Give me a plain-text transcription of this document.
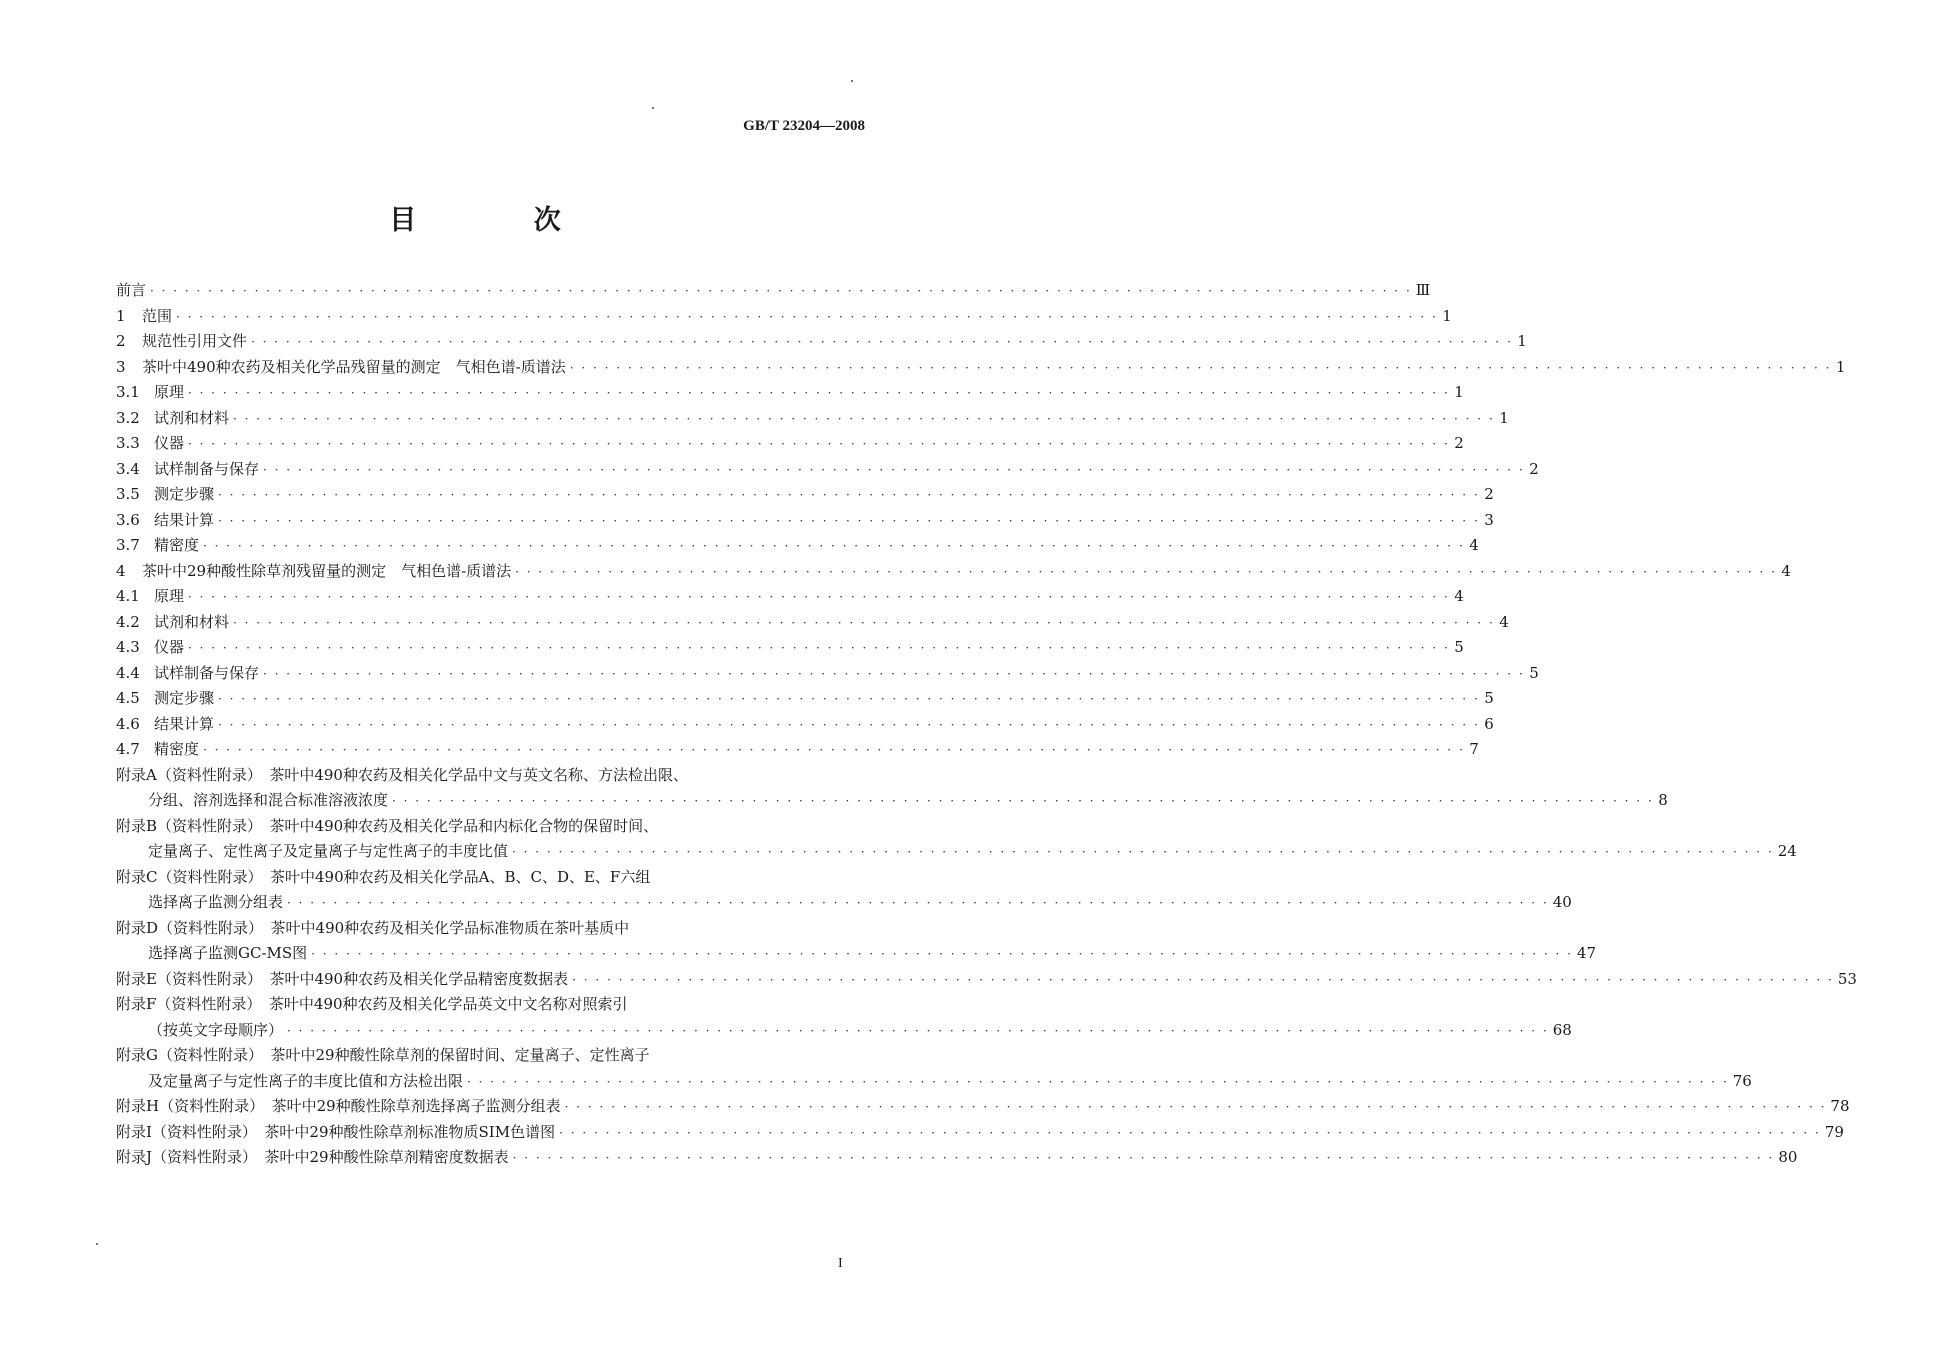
GB/T 23204—2008
目 次
前言 · · · · · · · · · · · · · · · · · · · · · · · · · · · · · · · · · · · · · · · · · · · · · · · · · · · · · · · · · · · · · · · · · · · · · · · · · · · · · · · · · · · · · · · · · · · · · · · · · · · · · · · · · · · · · Ⅲ
1 范围 · · · · · · · · · · · · · · · · · · · · · · · · · · · · · · · · · · · · · · · · · · · · · · · · · · · · · · · · · · · · · · · · · · · · · · · · · · · · · · · · · · · · · · · · · · · · · · · · · · · · · · · · · · · · · 1
2 规范性引用文件 · · · · · · · · · · · · · · · · · · · · · · · · · · · · · · · · · · · · · · · · · · · · · · · · · · · · · · · · · · · · · · · · · · · · · · · · · · · · · · · · · · · · · · · · · · · · · · · · · · · · · · · · · · · · · 1
3 茶叶中490种农药及相关化学品残留量的测定　气相色谱-质谱法 · · · · · · · · · · · · · · · · · · · · · · · · · · · · · · · · · · · · · · · · · · · · · · · · · · · · · · · · · · · · · · · · · · · · · · · · · · · · · · · · · · · · · · · · · · · · · · · · · · · · · · · · · · · · · 1
3.1 原理 · · · · · · · · · · · · · · · · · · · · · · · · · · · · · · · · · · · · · · · · · · · · · · · · · · · · · · · · · · · · · · · · · · · · · · · · · · · · · · · · · · · · · · · · · · · · · · · · · · · · · · · · · · · · · 1
3.2 试剂和材料 · · · · · · · · · · · · · · · · · · · · · · · · · · · · · · · · · · · · · · · · · · · · · · · · · · · · · · · · · · · · · · · · · · · · · · · · · · · · · · · · · · · · · · · · · · · · · · · · · · · · · · · · · · · · · 1
3.3 仪器 · · · · · · · · · · · · · · · · · · · · · · · · · · · · · · · · · · · · · · · · · · · · · · · · · · · · · · · · · · · · · · · · · · · · · · · · · · · · · · · · · · · · · · · · · · · · · · · · · · · · · · · · · · · · · 2
3.4 试样制备与保存 · · · · · · · · · · · · · · · · · · · · · · · · · · · · · · · · · · · · · · · · · · · · · · · · · · · · · · · · · · · · · · · · · · · · · · · · · · · · · · · · · · · · · · · · · · · · · · · · · · · · · · · · · · · · · 2
3.5 测定步骤 · · · · · · · · · · · · · · · · · · · · · · · · · · · · · · · · · · · · · · · · · · · · · · · · · · · · · · · · · · · · · · · · · · · · · · · · · · · · · · · · · · · · · · · · · · · · · · · · · · · · · · · · · · · · · 2
3.6 结果计算 · · · · · · · · · · · · · · · · · · · · · · · · · · · · · · · · · · · · · · · · · · · · · · · · · · · · · · · · · · · · · · · · · · · · · · · · · · · · · · · · · · · · · · · · · · · · · · · · · · · · · · · · · · · · · 3
3.7 精密度 · · · · · · · · · · · · · · · · · · · · · · · · · · · · · · · · · · · · · · · · · · · · · · · · · · · · · · · · · · · · · · · · · · · · · · · · · · · · · · · · · · · · · · · · · · · · · · · · · · · · · · · · · · · · · 4
4 茶叶中29种酸性除草剂残留量的测定　气相色谱-质谱法 · · · · · · · · · · · · · · · · · · · · · · · · · · · · · · · · · · · · · · · · · · · · · · · · · · · · · · · · · · · · · · · · · · · · · · · · · · · · · · · · · · · · · · · · · · · · · · · · · · · · · · · · · · · · · 4
4.1 原理 · · · · · · · · · · · · · · · · · · · · · · · · · · · · · · · · · · · · · · · · · · · · · · · · · · · · · · · · · · · · · · · · · · · · · · · · · · · · · · · · · · · · · · · · · · · · · · · · · · · · · · · · · · · · · 4
4.2 试剂和材料 · · · · · · · · · · · · · · · · · · · · · · · · · · · · · · · · · · · · · · · · · · · · · · · · · · · · · · · · · · · · · · · · · · · · · · · · · · · · · · · · · · · · · · · · · · · · · · · · · · · · · · · · · · · · · 4
4.3 仪器 · · · · · · · · · · · · · · · · · · · · · · · · · · · · · · · · · · · · · · · · · · · · · · · · · · · · · · · · · · · · · · · · · · · · · · · · · · · · · · · · · · · · · · · · · · · · · · · · · · · · · · · · · · · · · 5
4.4 试样制备与保存 · · · · · · · · · · · · · · · · · · · · · · · · · · · · · · · · · · · · · · · · · · · · · · · · · · · · · · · · · · · · · · · · · · · · · · · · · · · · · · · · · · · · · · · · · · · · · · · · · · · · · · · · · · · · · 5
4.5 测定步骤 · · · · · · · · · · · · · · · · · · · · · · · · · · · · · · · · · · · · · · · · · · · · · · · · · · · · · · · · · · · · · · · · · · · · · · · · · · · · · · · · · · · · · · · · · · · · · · · · · · · · · · · · · · · · · 5
4.6 结果计算 · · · · · · · · · · · · · · · · · · · · · · · · · · · · · · · · · · · · · · · · · · · · · · · · · · · · · · · · · · · · · · · · · · · · · · · · · · · · · · · · · · · · · · · · · · · · · · · · · · · · · · · · · · · · · 6
4.7 精密度 · · · · · · · · · · · · · · · · · · · · · · · · · · · · · · · · · · · · · · · · · · · · · · · · · · · · · · · · · · · · · · · · · · · · · · · · · · · · · · · · · · · · · · · · · · · · · · · · · · · · · · · · · · · · · 7
附录A（资料性附录）　茶叶中490种农药及相关化学品中文与英文名称、方法检出限、
分组、溶剂选择和混合标准溶液浓度 · · · · · · · · · · · · · · · · · · · · · · · · · · · · · · · · · · · · · · · · · · · · · · · · · · · · · · · · · · · · · · · · · · · · · · · · · · · · · · · · · · · · · · · · · · · · · · · · · · · · · · · · · · · · · 8
附录B（资料性附录）　茶叶中490种农药及相关化学品和内标化合物的保留时间、
定量离子、定性离子及定量离子与定性离子的丰度比值 · · · · · · · · · · · · · · · · · · · · · · · · · · · · · · · · · · · · · · · · · · · · · · · · · · · · · · · · · · · · · · · · · · · · · · · · · · · · · · · · · · · · · · · · · · · · · · · · · · · · · · · · · · · · · 24
附录C（资料性附录）　茶叶中490种农药及相关化学品A、B、C、D、E、F六组
选择离子监测分组表 · · · · · · · · · · · · · · · · · · · · · · · · · · · · · · · · · · · · · · · · · · · · · · · · · · · · · · · · · · · · · · · · · · · · · · · · · · · · · · · · · · · · · · · · · · · · · · · · · · · · · · · · · · · · · 40
附录D（资料性附录）　茶叶中490种农药及相关化学品标准物质在茶叶基质中
选择离子监测GC-MS图 · · · · · · · · · · · · · · · · · · · · · · · · · · · · · · · · · · · · · · · · · · · · · · · · · · · · · · · · · · · · · · · · · · · · · · · · · · · · · · · · · · · · · · · · · · · · · · · · · · · · · · · · · · · · · 47
附录E（资料性附录）　茶叶中490种农药及相关化学品精密度数据表 · · · · · · · · · · · · · · · · · · · · · · · · · · · · · · · · · · · · · · · · · · · · · · · · · · · · · · · · · · · · · · · · · · · · · · · · · · · · · · · · · · · · · · · · · · · · · · · · · · · · · · · · · · · · · 53
附录F（资料性附录）　茶叶中490种农药及相关化学品英文中文名称对照索引
（按英文字母顺序） · · · · · · · · · · · · · · · · · · · · · · · · · · · · · · · · · · · · · · · · · · · · · · · · · · · · · · · · · · · · · · · · · · · · · · · · · · · · · · · · · · · · · · · · · · · · · · · · · · · · · · · · · · · · · 68
附录G（资料性附录）　茶叶中29种酸性除草剂的保留时间、定量离子、定性离子
及定量离子与定性离子的丰度比值和方法检出限 · · · · · · · · · · · · · · · · · · · · · · · · · · · · · · · · · · · · · · · · · · · · · · · · · · · · · · · · · · · · · · · · · · · · · · · · · · · · · · · · · · · · · · · · · · · · · · · · · · · · · · · · · · · · · 76
附录H（资料性附录）　茶叶中29种酸性除草剂选择离子监测分组表 · · · · · · · · · · · · · · · · · · · · · · · · · · · · · · · · · · · · · · · · · · · · · · · · · · · · · · · · · · · · · · · · · · · · · · · · · · · · · · · · · · · · · · · · · · · · · · · · · · · · · · · · · · · · · 78
附录I（资料性附录）　茶叶中29种酸性除草剂标准物质SIM色谱图 · · · · · · · · · · · · · · · · · · · · · · · · · · · · · · · · · · · · · · · · · · · · · · · · · · · · · · · · · · · · · · · · · · · · · · · · · · · · · · · · · · · · · · · · · · · · · · · · · · · · · · · · · · · · · 79
附录J（资料性附录）　茶叶中29种酸性除草剂精密度数据表 · · · · · · · · · · · · · · · · · · · · · · · · · · · · · · · · · · · · · · · · · · · · · · · · · · · · · · · · · · · · · · · · · · · · · · · · · · · · · · · · · · · · · · · · · · · · · · · · · · · · · · · · · · · · · 80
I
